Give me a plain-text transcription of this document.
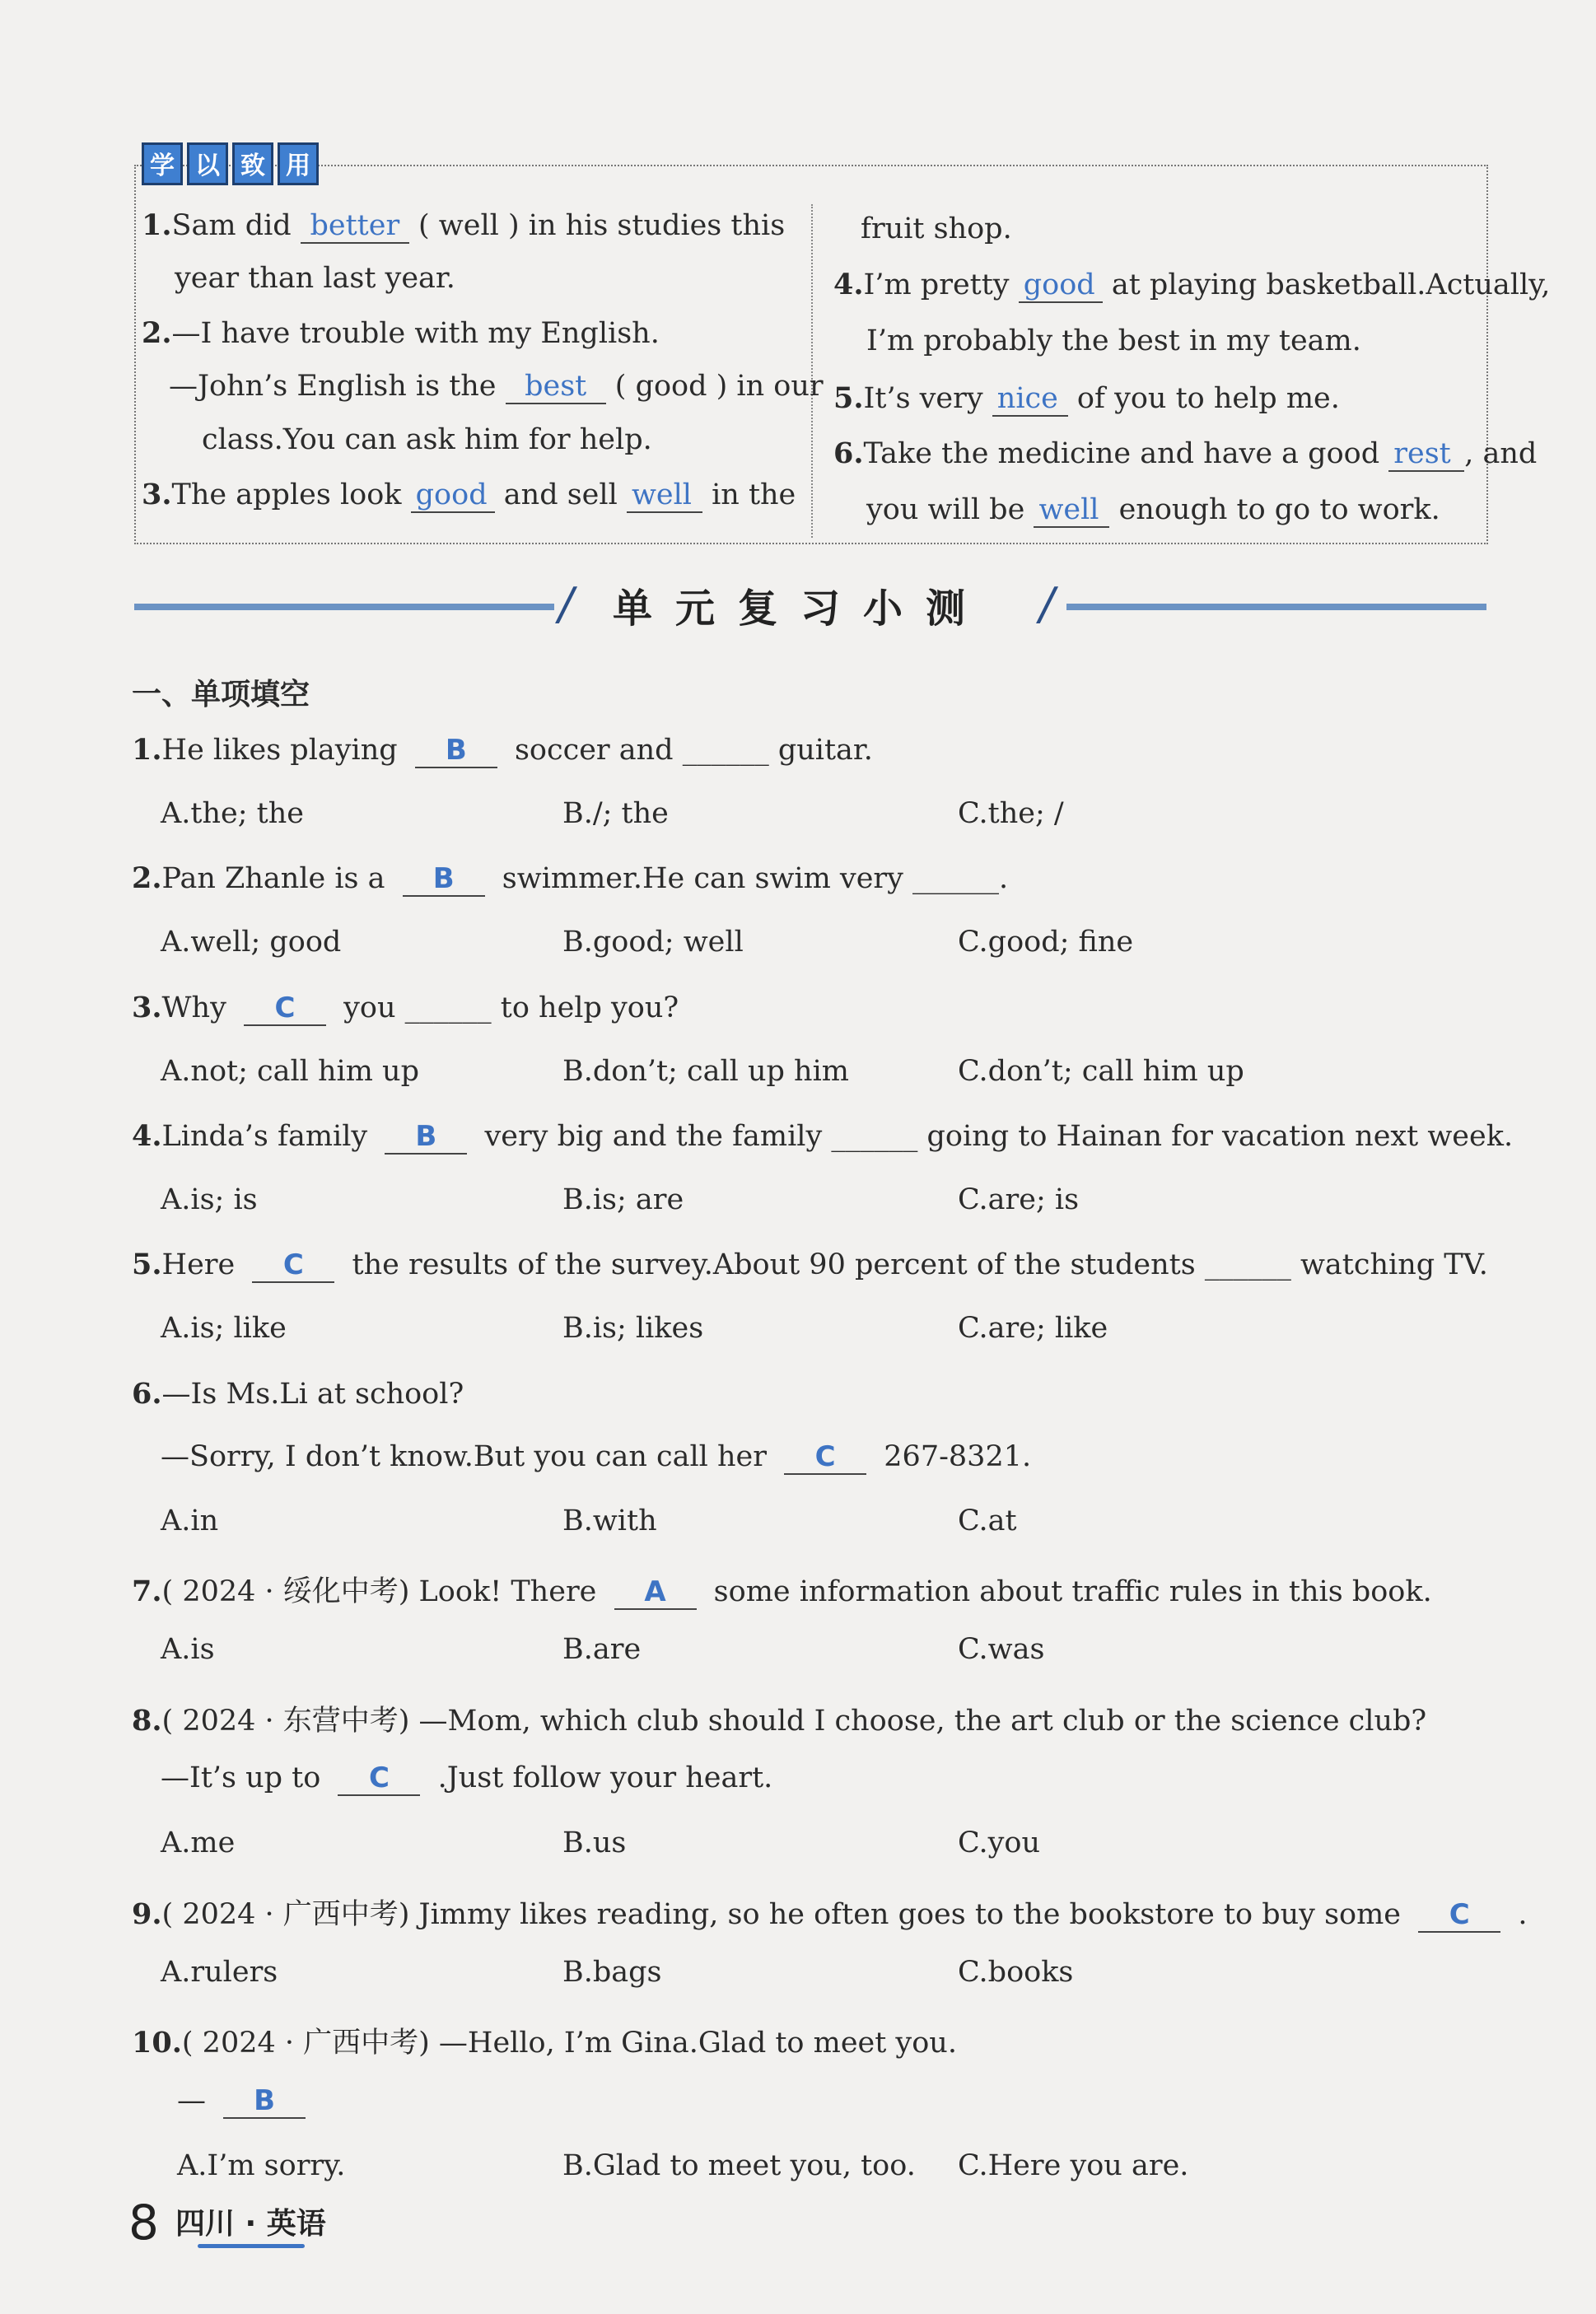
学 以 致 用
1.Sam did better ( well ) in his studies this
year than last year.
2.—I have trouble with my English.
—John’s English is the best ( good ) in our
class.You can ask him for help.
3.The apples look good and sell well in the
fruit shop.
4.I’m pretty good at playing basketball.Actually,
I’m probably the best in my team.
5.It’s very nice of you to help me.
6.Take the medicine and have a good rest , and
you will be well enough to go to work.
/	/
单元复习小测
一、单项填空
1.He likes playing B soccer and ______ guitar.
A.the; the	B./; the	C.the; /
2.Pan Zhanle is a B swimmer.He can swim very ______.
A.well; good	B.good; well	C.good; fine
3.Why C you ______ to help you?
A.not; call him up	B.don’t; call up him	C.don’t; call him up
4.Linda’s family B very big and the family ______ going to Hainan for vacation next week.
A.is; is	B.is; are	C.are; is
5.Here C the results of the survey.About 90 percent of the students ______ watching TV.
A.is; like	B.is; likes	C.are; like
6.—Is Ms.Li at school?
—Sorry, I don’t know.But you can call her C 267-8321.
A.in	B.with	C.at
7.( 2024 · 绥化中考) Look! There A some information about traffic rules in this book.
A.is	B.are	C.was
8.( 2024 · 东营中考) —Mom, which club should I choose, the art club or the science club?
—It’s up to C .Just follow your heart.
A.me	B.us	C.you
9.( 2024 · 广西中考) Jimmy likes reading, so he often goes to the bookstore to buy some C .
A.rulers	B.bags	C.books
10.( 2024 · 广西中考) —Hello, I’m Gina.Glad to meet you.
— B
A.I’m sorry.	B.Glad to meet you, too. C.Here you are.
8 四川 · 英语
